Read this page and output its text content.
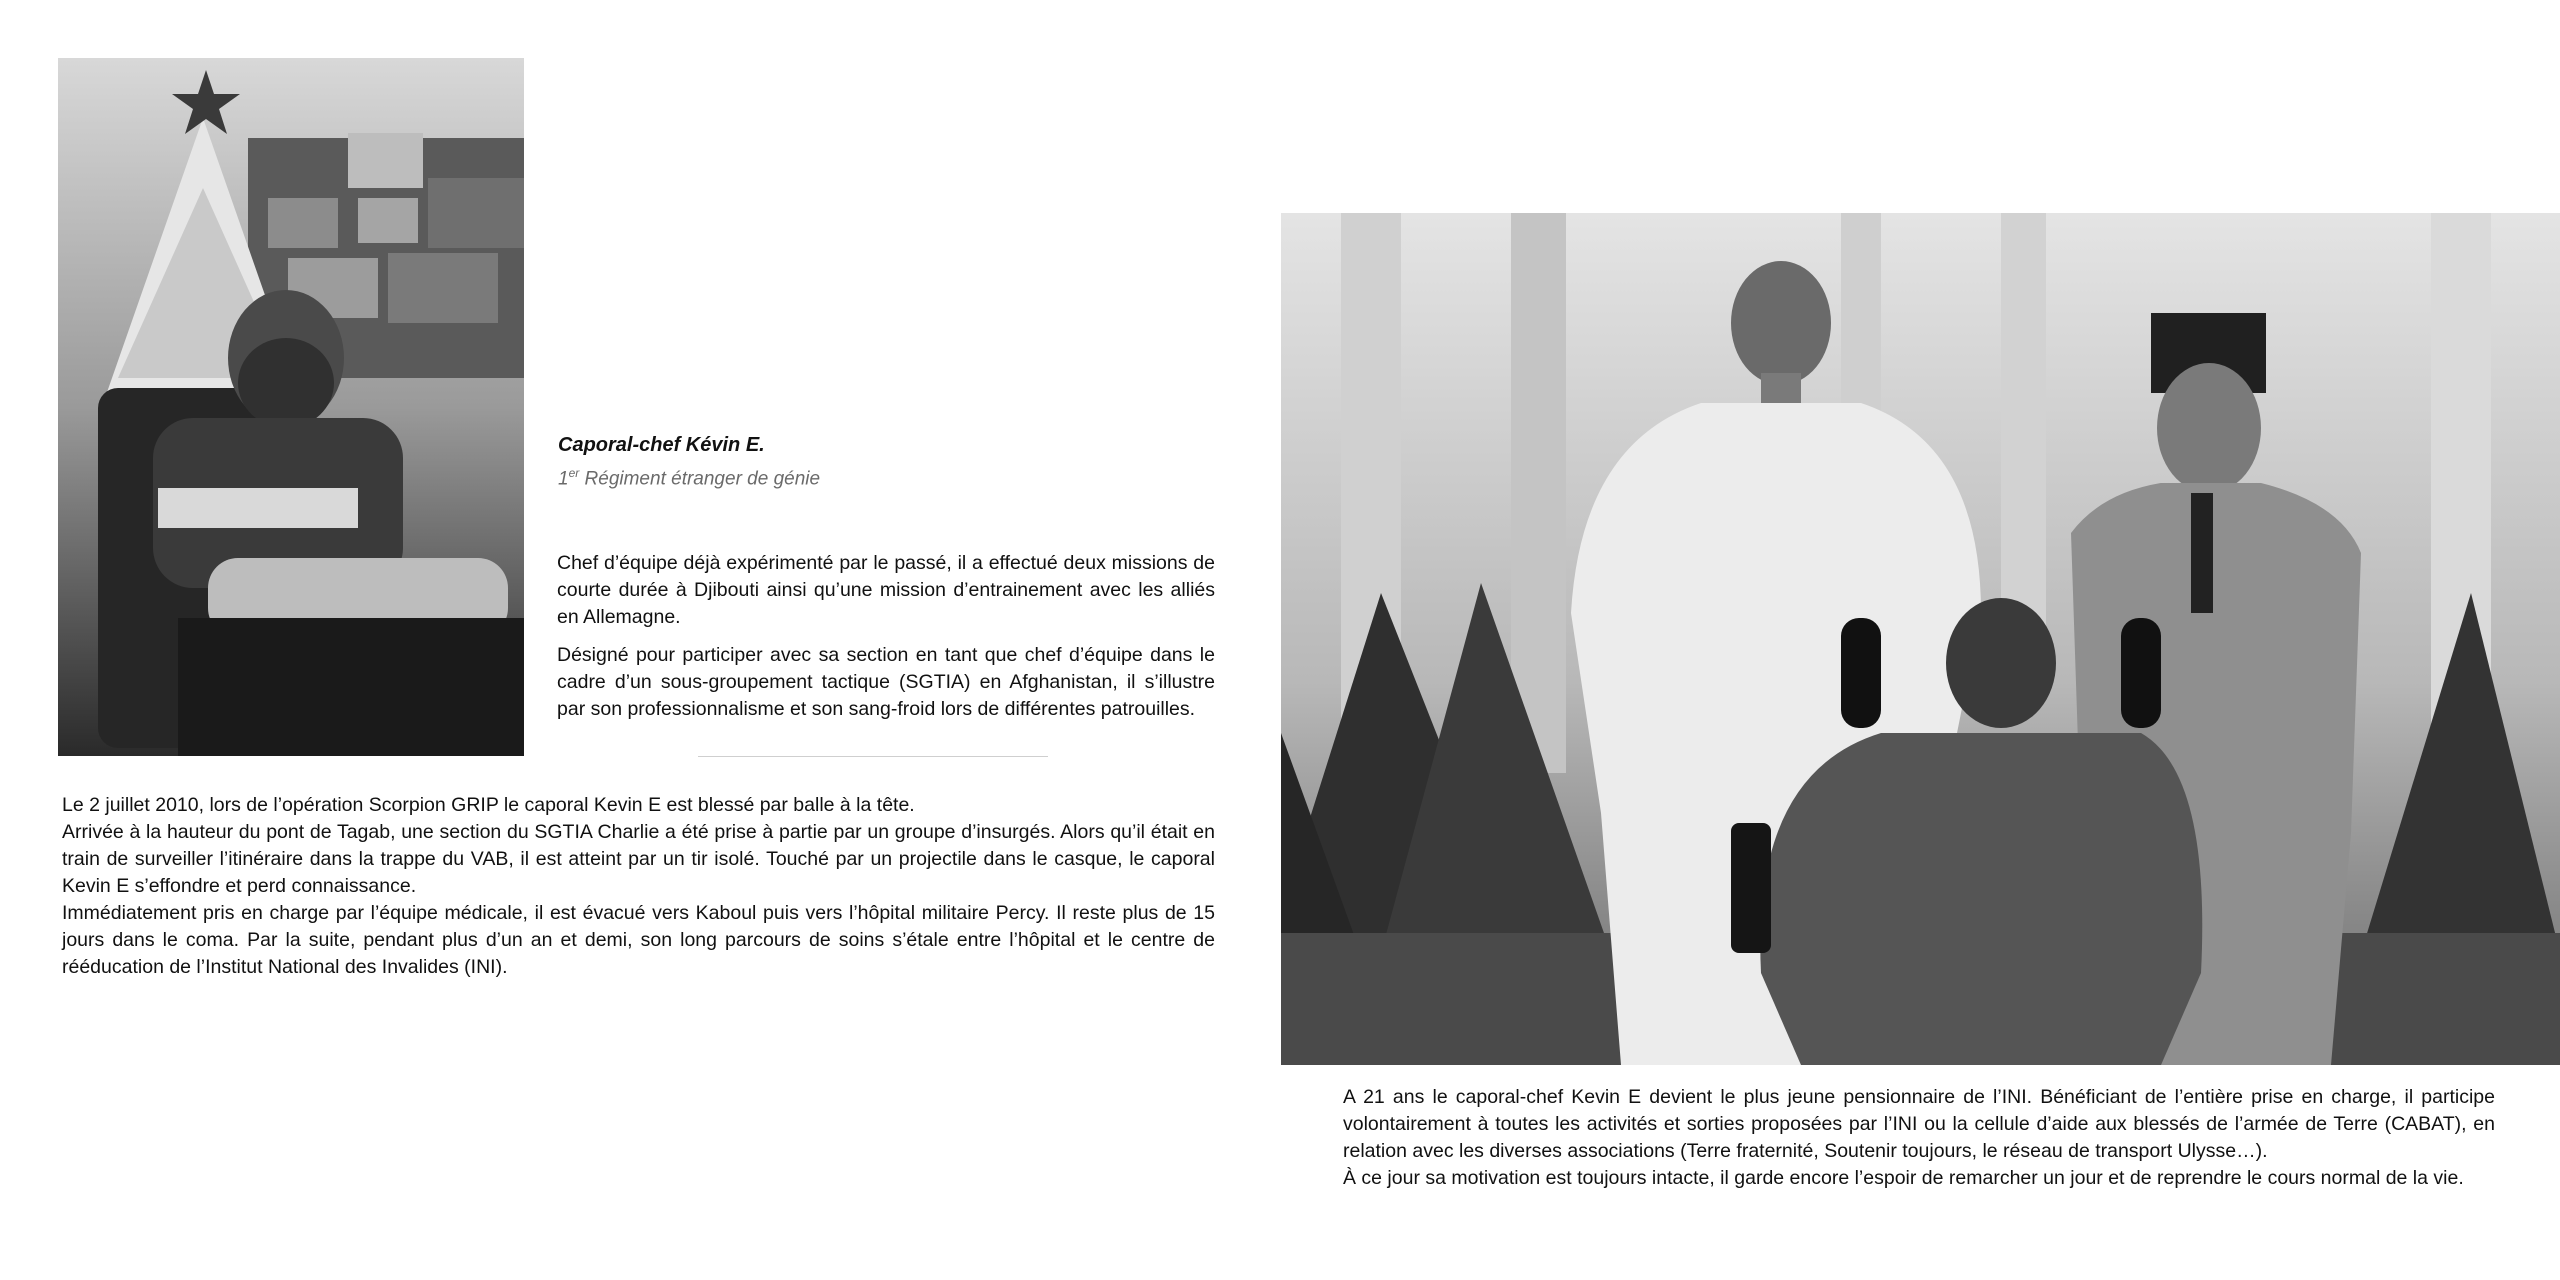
Caporal-chef Kévin E.
1er Régiment étranger de génie

Chef d’équipe déjà expérimenté par le passé, il a effectué deux missions de courte durée à Djibouti ainsi qu’une mission d’entrainement avec les alliés en Allemagne.

Désigné pour participer avec sa section en tant que chef d’équipe dans le cadre d’un sous-groupement tactique (SGTIA) en Afghanistan, il s’illustre par son professionnalisme et son sang-froid lors de différentes patrouilles.

Le 2 juillet 2010, lors de l’opération Scorpion GRIP le caporal Kevin E est blessé par balle à la tête.

Arrivée à la hauteur du pont de Tagab, une section du SGTIA Charlie a été prise à partie par un groupe d’insurgés. Alors qu’il était en train de surveiller l’itinéraire dans la trappe du VAB, il est atteint par un tir isolé. Touché par un projectile dans le casque, le caporal Kevin E s’effondre et perd connaissance.

Immédiatement pris en charge par l’équipe médicale, il est évacué vers Kaboul puis vers l’hôpital militaire Percy. Il reste plus de 15 jours dans le coma. Par la suite, pendant plus d’un an et demi, son long parcours de soins s’étale entre l’hôpital et le centre de rééducation de l’Institut National des Invalides (INI).

A 21 ans le caporal-chef Kevin E devient le plus jeune pensionnaire de l’INI. Bénéficiant de l’entière prise en charge, il participe volontairement à toutes les activités et sorties proposées par l’INI ou la cellule d’aide aux blessés de l’armée de Terre (CABAT), en relation avec les diverses associations (Terre fraternité, Soutenir toujours, le réseau de transport Ulysse…).

À ce jour sa motivation est toujours intacte, il garde encore l’espoir de remarcher un jour et de reprendre le cours normal de la vie.
